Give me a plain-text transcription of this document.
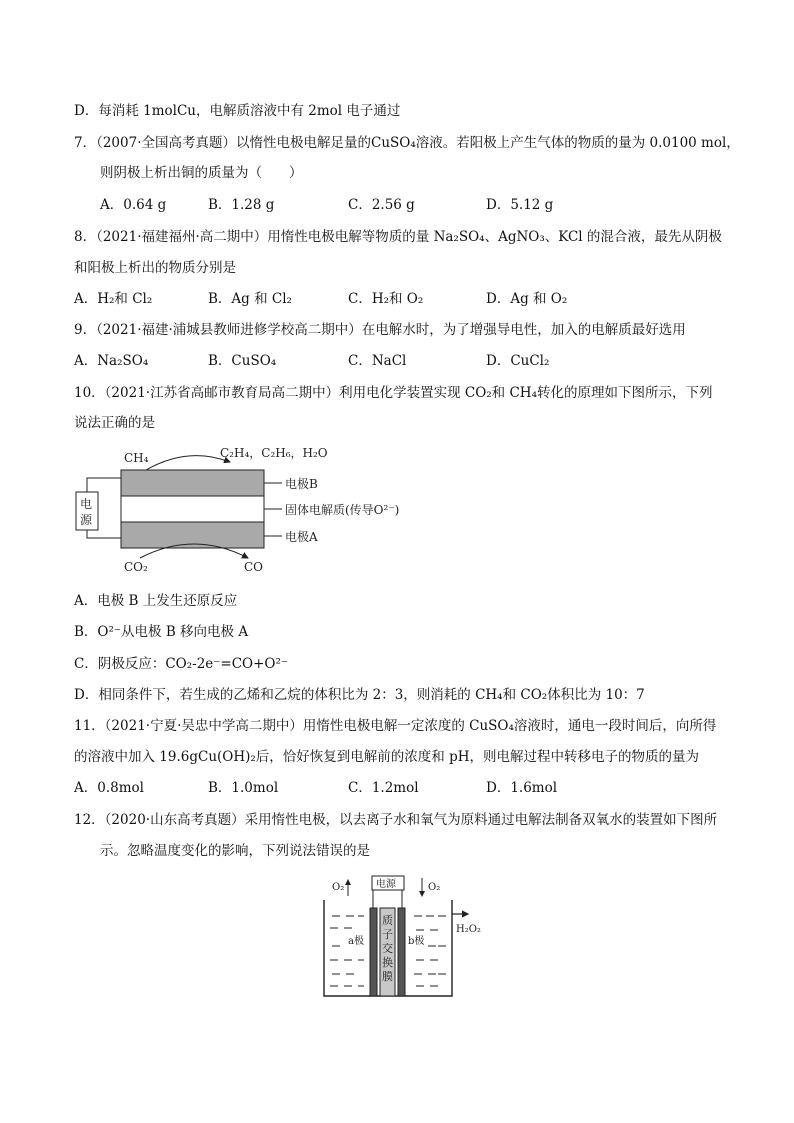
D．每消耗 1molCu，电解质溶液中有 2mol 电子通过
7．（2007·全国高考真题）以惰性电极电解足量的CuSO₄溶液。若阳极上产生气体的物质的量为 0.0100 mol，
则阴极上析出铜的质量为（　　）
A．0.64 g	B．1.28 g	C．2.56 g	D．5.12 g
8．（2021·福建福州·高二期中）用惰性电极电解等物质的量 Na₂SO₄、AgNO₃、KCl 的混合液，最先从阴极
和阳极上析出的物质分别是
A．H₂和 Cl₂	B．Ag 和 Cl₂	C．H₂和 O₂	D．Ag 和 O₂
9．（2021·福建·浦城县教师进修学校高二期中）在电解水时，为了增强导电性，加入的电解质最好选用
A．Na₂SO₄	B．CuSO₄	C．NaCl	D．CuCl₂
10．（2021·江苏省高邮市教育局高二期中）利用电化学装置实现 CO₂和 CH₄转化的原理如下图所示，下列
说法正确的是
电
源
电极B
固体电解质(传导O²⁻)
电极A
CH₄	C₂H₄，C₂H₆，H₂O
CO₂	CO
A．电极 B 上发生还原反应
B．O²⁻从电极 B 移向电极 A
C．阴极反应：CO₂-2e⁻=CO+O²⁻
D．相同条件下，若生成的乙烯和乙烷的体积比为 2：3，则消耗的 CH₄和 CO₂体积比为 10：7
11．（2021·宁夏·吴忠中学高二期中）用惰性电极电解一定浓度的 CuSO₄溶液时，通电一段时间后，向所得
的溶液中加入 19.6gCu(OH)₂后，恰好恢复到电解前的浓度和 pH，则电解过程中转移电子的物质的量为
A．0.8mol	B．1.0mol	C．1.2mol	D．1.6mol
12．（2020·山东高考真题）采用惰性电极，以去离子水和氧气为原料通过电解法制备双氧水的装置如下图所
示。忽略温度变化的影响，下列说法错误的是
H₂O₂
质
子
交
换
膜
a极	b极
电源
O₂	O₂
